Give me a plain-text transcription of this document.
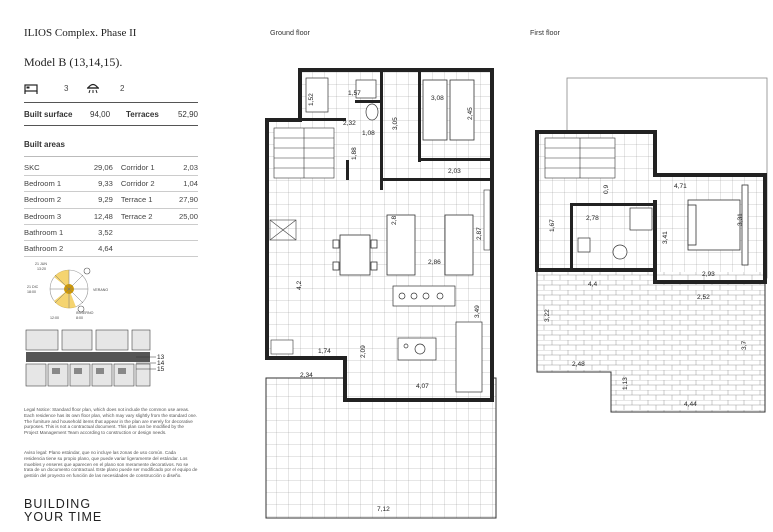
ILIOS Complex. Phase II
Model B (13,14,15).
3	2
Built surface 94,00 Terraces 52,90
Built areas
SKC	29,06	Corridor 1	2,03
Bedroom 1	9,33	Corridor 2	1,04
Bedroom 2	9,29	Terrace 1	27,90
Bedroom 3	12,48	Terrace 2	25,00
Bathroom 1	3,52		
Bathroom 2	4,64		
21 JUN
13:20
21 DIC
18:00	VERANO
INVIERNO
8:00
12:00
13
14
15
Legal Notice: Standard floor plan, which does not include the common use areas. Each residence has its own floor plan, which may vary slightly from the standard one. The furniture and household items that appear in the plan are merely for decorative purposes. This is not a contractual document. This plan can be modified by the Project Management Team according to construction or design needs.
Aviso legal: Plano estándar, que no incluye las zonas de uso común. Cada residencia tiene su propio plano, que puede variar ligeramente del estándar. Los muebles y enseres que aparecen en el plano son meramente decorativos. No se trata de un documento contractual. Este plano puede ser modificado por el equipo de gestión del proyecto en función de las necesidades de construcción o diseño.
BUILDING
YOUR TIME
Ground floor	First floor
1,52	1,57
3,08
2,32	3,05
2,45
1,08
1,88
2,03
2,8
2,87
2,86
4,2
3,49
1,74	2,09
2,34
4,07
7,12
0,9	4,71
2,78
1,67
3,41
3,31
2,93
4,4
2,52
3,22
3,7
2,48
1,13
4,44
